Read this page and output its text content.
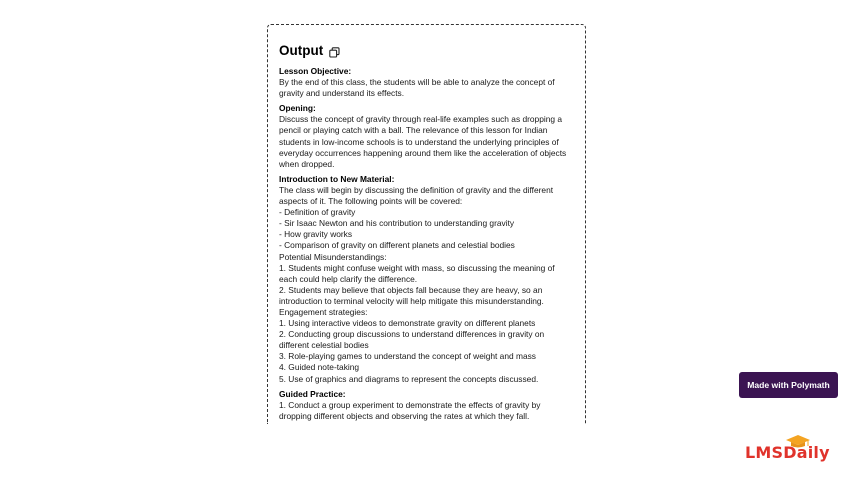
Output
Lesson Objective:
By the end of this class, the students will be able to analyze the concept of gravity and understand its effects.
Opening:
Discuss the concept of gravity through real-life examples such as dropping a pencil or playing catch with a ball. The relevance of this lesson for Indian students in low-income schools is to understand the underlying principles of everyday occurrences happening around them like the acceleration of objects when dropped.
Introduction to New Material:
The class will begin by discussing the definition of gravity and the different aspects of it. The following points will be covered:
- Definition of gravity
- Sir Isaac Newton and his contribution to understanding gravity
- How gravity works
- Comparison of gravity on different planets and celestial bodies
Potential Misunderstandings:
1. Students might confuse weight with mass, so discussing the meaning of each could help clarify the difference.
2. Students may believe that objects fall because they are heavy, so an introduction to terminal velocity will help mitigate this misunderstanding.
Engagement strategies:
1. Using interactive videos to demonstrate gravity on different planets
2. Conducting group discussions to understand differences in gravity on different celestial bodies
3. Role-playing games to understand the concept of weight and mass
4. Guided note-taking
5. Use of graphics and diagrams to represent the concepts discussed.
Guided Practice:
1. Conduct a group experiment to demonstrate the effects of gravity by dropping different objects and observing the rates at which they fall.
Made with Polymath
LMSDaily
